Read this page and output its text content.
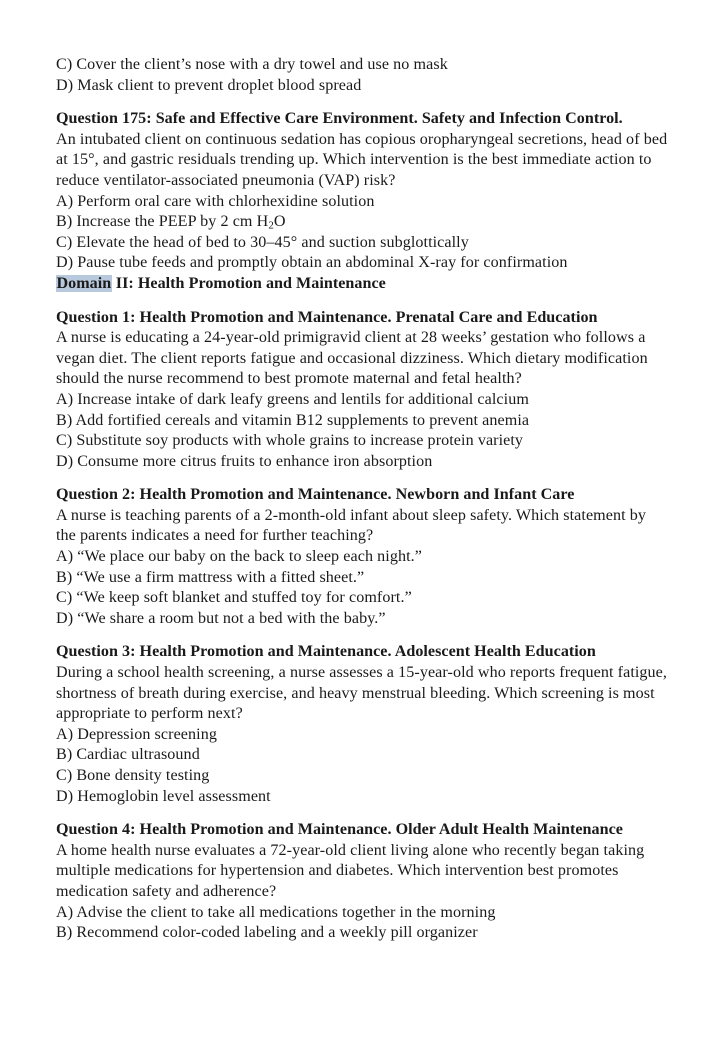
C) Cover the client’s nose with a dry towel and use no mask

D) Mask client to prevent droplet blood spread

Question 175: Safe and Effective Care Environment. Safety and Infection Control.

An intubated client on continuous sedation has copious oropharyngeal secretions, head of bed

at 15°, and gastric residuals trending up. Which intervention is the best immediate action to

reduce ventilator-associated pneumonia (VAP) risk?

A) Perform oral care with chlorhexidine solution

B) Increase the PEEP by 2 cm $H_2O$

C) Elevate the head of bed to 30–45° and suction subglottically

D) Pause tube feeds and promptly obtain an abdominal X-ray for confirmation

Domain II: Health Promotion and Maintenance

Question 1: Health Promotion and Maintenance. Prenatal Care and Education

A nurse is educating a 24-year-old primigravid client at 28 weeks’ gestation who follows a

vegan diet. The client reports fatigue and occasional dizziness. Which dietary modification

should the nurse recommend to best promote maternal and fetal health?

A) Increase intake of dark leafy greens and lentils for additional calcium

B) Add fortified cereals and vitamin B12 supplements to prevent anemia

C) Substitute soy products with whole grains to increase protein variety

D) Consume more citrus fruits to enhance iron absorption

Question 2: Health Promotion and Maintenance. Newborn and Infant Care

A nurse is teaching parents of a 2-month-old infant about sleep safety. Which statement by

the parents indicates a need for further teaching?

A) “We place our baby on the back to sleep each night.”

B) “We use a firm mattress with a fitted sheet.”

C) “We keep soft blanket and stuffed toy for comfort.”

D) “We share a room but not a bed with the baby.”

Question 3: Health Promotion and Maintenance. Adolescent Health Education

During a school health screening, a nurse assesses a 15-year-old who reports frequent fatigue,

shortness of breath during exercise, and heavy menstrual bleeding. Which screening is most

appropriate to perform next?

A) Depression screening

B) Cardiac ultrasound

C) Bone density testing

D) Hemoglobin level assessment

Question 4: Health Promotion and Maintenance. Older Adult Health Maintenance

A home health nurse evaluates a 72-year-old client living alone who recently began taking

multiple medications for hypertension and diabetes. Which intervention best promotes

medication safety and adherence?

A) Advise the client to take all medications together in the morning

B) Recommend color-coded labeling and a weekly pill organizer
